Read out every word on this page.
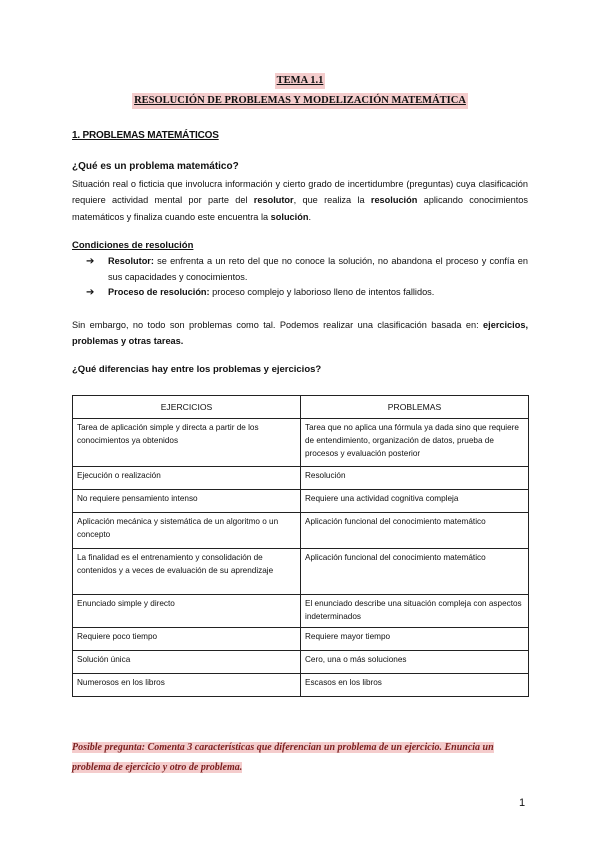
TEMA 1.1
RESOLUCIÓN DE PROBLEMAS Y MODELIZACIÓN MATEMÁTICA
1. PROBLEMAS MATEMÁTICOS
¿Qué es un problema matemático?
Situación real o ficticia que involucra información y cierto grado de incertidumbre (preguntas) cuya clasificación requiere actividad mental por parte del resolutor, que realiza la resolución aplicando conocimientos matemáticos y finaliza cuando este encuentra la solución.
Condiciones de resolución
➔ Resolutor: se enfrenta a un reto del que no conoce la solución, no abandona el proceso y confía en sus capacidades y conocimientos.
➔ Proceso de resolución: proceso complejo y laborioso lleno de intentos fallidos.
Sin embargo, no todo son problemas como tal. Podemos realizar una clasificación basada en: ejercicios, problemas y otras tareas.
¿Qué diferencias hay entre los problemas y ejercicios?
EJERCICIOS	PROBLEMAS
Tarea de aplicación simple y directa a partir de los conocimientos ya obtenidos	Tarea que no aplica una fórmula ya dada sino que requiere de entendimiento, organización de datos, prueba de procesos y evaluación posterior
Ejecución o realización	Resolución
No requiere pensamiento intenso	Requiere una actividad cognitiva compleja
Aplicación mecánica y sistemática de un algoritmo o un concepto	Aplicación funcional del conocimiento matemático
La finalidad es el entrenamiento y consolidación de contenidos y a veces de evaluación de su aprendizaje	Aplicación funcional del conocimiento matemático
Enunciado simple y directo	El enunciado describe una situación compleja con aspectos indeterminados
Requiere poco tiempo	Requiere mayor tiempo
Solución única	Cero, una o más soluciones
Numerosos en los libros	Escasos en los libros
Posible pregunta: Comenta 3 características que diferencian un problema de un ejercicio. Enuncia un problema de ejercicio y otro de problema.
1
